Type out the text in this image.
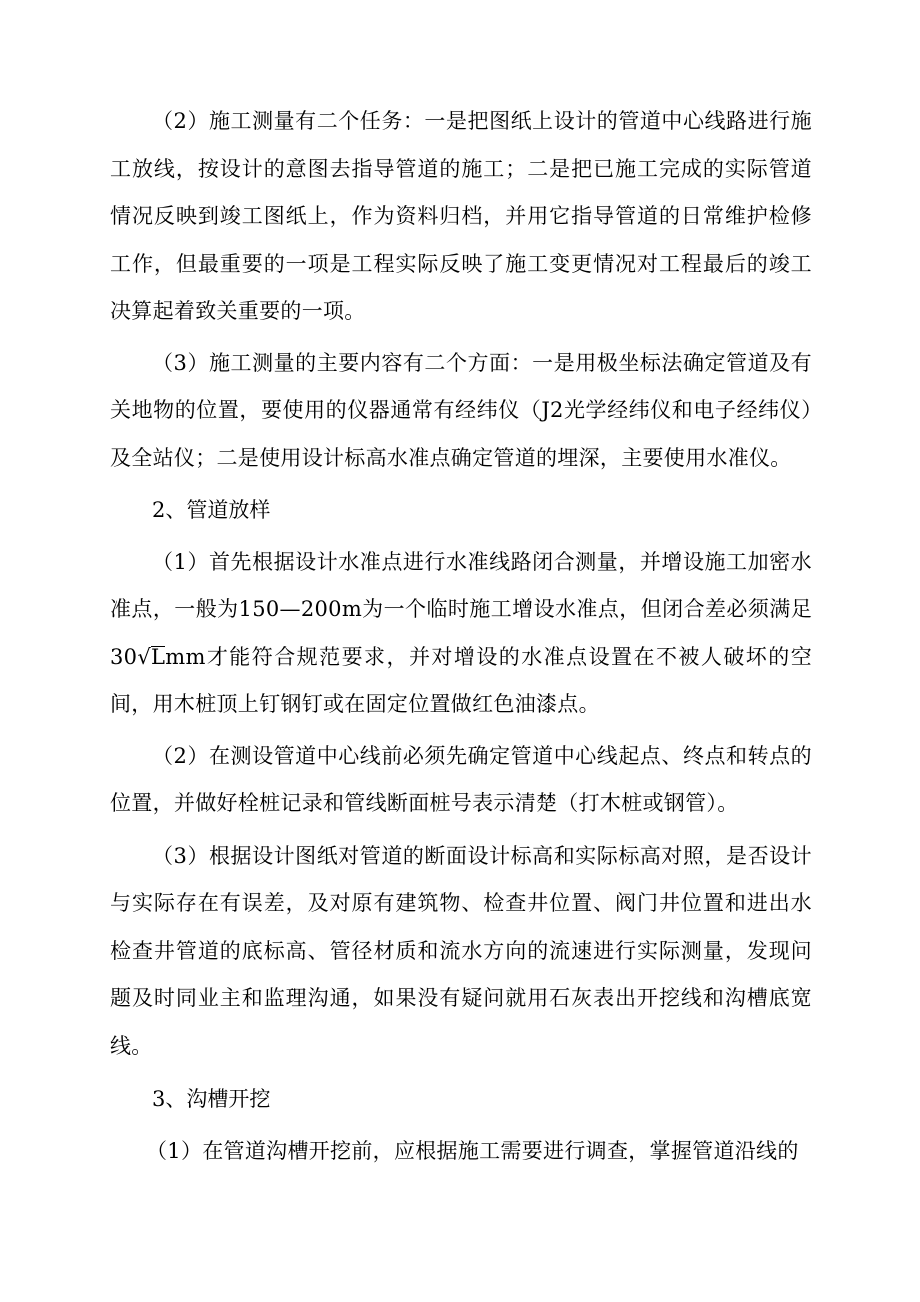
（2）施工测量有二个任务：一是把图纸上设计的管道中心线路进行施工放线，按设计的意图去指导管道的施工；二是把已施工完成的实际管道情况反映到竣工图纸上，作为资料归档，并用它指导管道的日常维护检修工作，但最重要的一项是工程实际反映了施工变更情况对工程最后的竣工决算起着致关重要的一项。

（3）施工测量的主要内容有二个方面：一是用极坐标法确定管道及有关地物的位置，要使用的仪器通常有经纬仪（J2光学经纬仪和电子经纬仪）及全站仪；二是使用设计标高水准点确定管道的埋深，主要使用水准仪。

2、管道放样

（1）首先根据设计水准点进行水准线路闭合测量，并增设施工加密水准点，一般为150—200m为一个临时施工增设水准点，但闭合差必须满足30√Lmm才能符合规范要求，并对增设的水准点设置在不被人破坏的空间，用木桩顶上钉钢钉或在固定位置做红色油漆点。

（2）在测设管道中心线前必须先确定管道中心线起点、终点和转点的位置，并做好栓桩记录和管线断面桩号表示清楚（打木桩或钢管）。

（3）根据设计图纸对管道的断面设计标高和实际标高对照，是否设计与实际存在有误差，及对原有建筑物、检查井位置、阀门井位置和进出水检查井管道的底标高、管径材质和流水方向的流速进行实际测量，发现问题及时同业主和监理沟通，如果没有疑问就用石灰表出开挖线和沟槽底宽线。

3、沟槽开挖

（1）在管道沟槽开挖前，应根据施工需要进行调查，掌握管道沿线的
